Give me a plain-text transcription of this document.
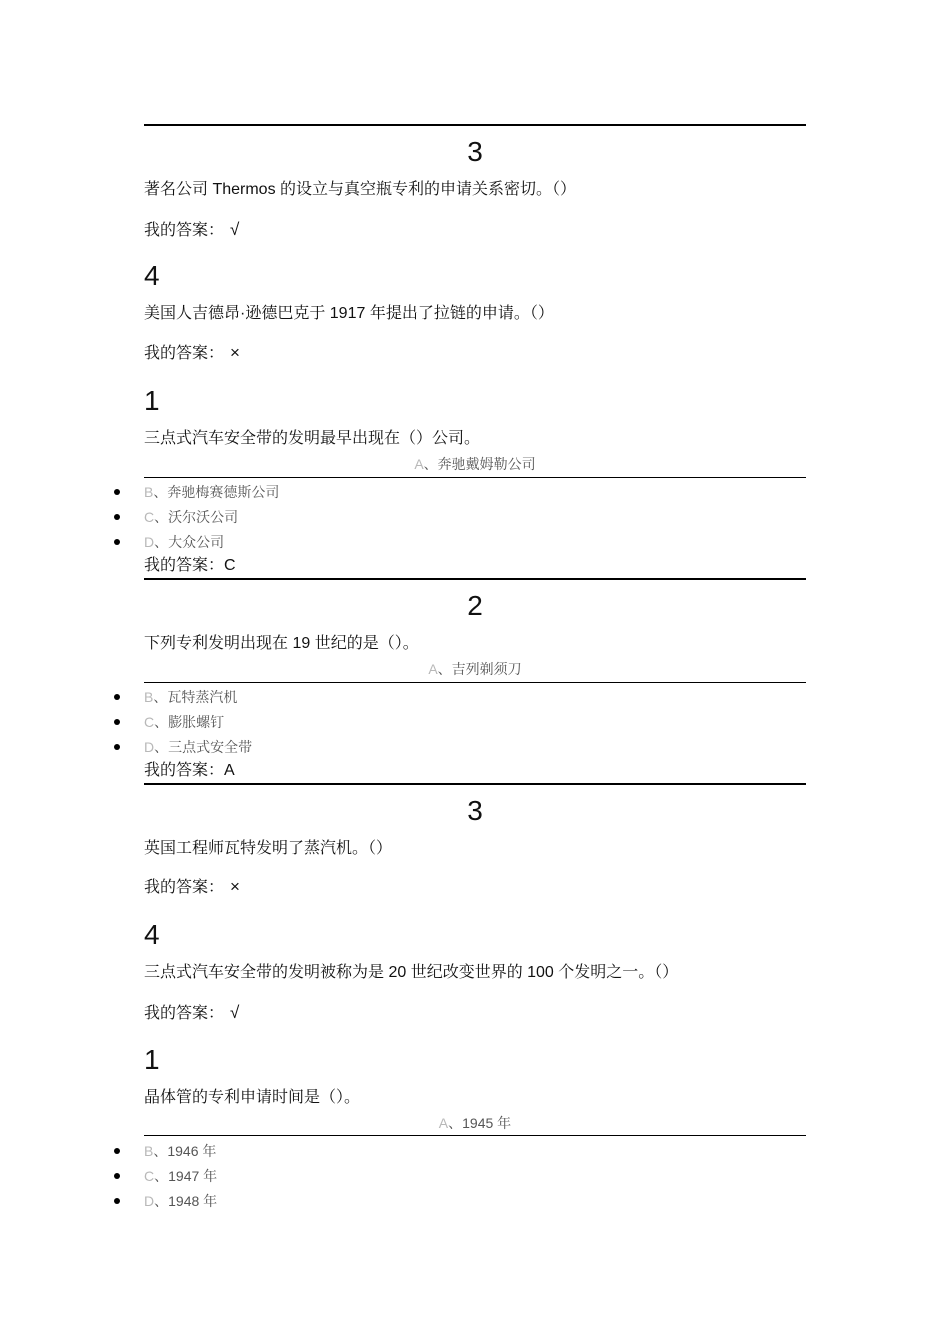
3
著名公司 Thermos 的设立与真空瓶专利的申请关系密切。（）
我的答案： √
4
美国人吉德昂·逊德巴克于 1917 年提出了拉链的申请。（）
我的答案： ×
1
三点式汽车安全带的发明最早出现在（）公司。
A、奔驰戴姆勒公司
B、奔驰梅赛德斯公司
C、沃尔沃公司
D、大众公司
我的答案：C
2
下列专利发明出现在 19 世纪的是（）。
A、吉列剃须刀
B、瓦特蒸汽机
C、膨胀螺钉
D、三点式安全带
我的答案：A
3
英国工程师瓦特发明了蒸汽机。（）
我的答案： ×
4
三点式汽车安全带的发明被称为是 20 世纪改变世界的 100 个发明之一。（）
我的答案： √
1
晶体管的专利申请时间是（）。
A、1945 年
B、1946 年
C、1947 年
D、1948 年
